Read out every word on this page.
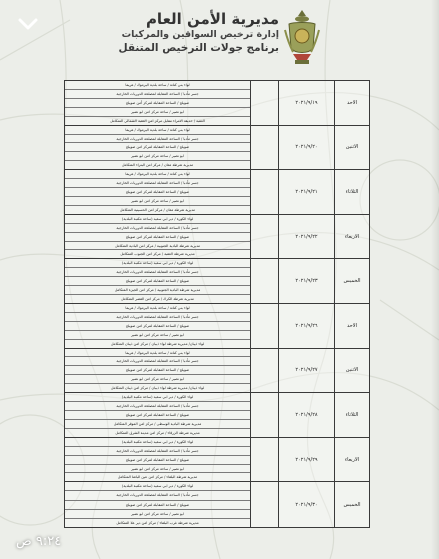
مديرية الأمن العام
إدارة ترخيص السواقين والمركبات
برنامج جولات الترخيص المتنقل
لواء بني كنانة / ساحة بلدية اليرموك / هريما
جسر مأدبا / الساحة المقابلة لمصلحة الدوريات الخارجية
صويلح / الساحة المقابلة لمركز أمن صويلح
ابو نصير / ساحة مركز امن ابو نصير
العقبة / حديقة الامراء مقابل مركز امن العقبة الشمالي المتكامل
٢٠٢١/٩/١٩	الاحد
لواء بني كنانة / ساحة بلدية اليرموك / هريما
جسر مأدبا / الساحة المقابلة لمصلحة الدوريات الخارجية
صويلح / الساحة المقابلة لمركز امن صويلح
ابو نصير / ساحة مركز امن ابو نصير
مديرية شرطة معان / مركز امن البتراء المتكامل
٢٠٢١/٩/٢٠	الاثنين
لواء بني كنانة / ساحة بلدية اليرموك / هريما
جسر مأدبا / الساحة المقابلة لمصلحة الدوريات الخارجية
صويلح / الساحة المقابلة لمركز امن صويلح
ابو نصير / ساحة مركز امن ابو نصير
مديرية شرطة معان / مركز امن الحسينية المتكامل
٢٠٢١/٩/٢١	الثلاثاء
لواء الكورة / دير ابي سعيد (ساحة مكتبة البلدية)
جسر مأدبا / الساحة المقابلة لمصلحة الدوريات الخارجية
صويلح / الساحة المقابلة لمركز امن صويلح
مديرية شرطة البادية الجنوبية / مركز امن البادية المتكامل
مديرية شرطة العقبة / مركز امن الجنوب المتكامل
٢٠٢١/٩/٢٢	الاربعاء
لواء الكورة / دير ابي سعيد (ساحة مكتبة البلدية)
جسر مأدبا / الساحة المقابلة لمصلحة الدوريات الخارجية
صويلح / الساحة المقابلة لمركز امن صويلح
مديرية شرطة البادية الجنوبية / مركز امن الجيزة المتكامل
مديرية شرطة الكرك / مركز امن القصر المتكامل
٢٠٢١/٩/٢٣	الخميس
لواء بني كنانة / ساحة بلدية اليرموك / هريما
جسر مأدبا / الساحة المقابلة لمصلحة الدوريات الخارجية
صويلح / الساحة المقابلة لمركز امن صويلح
ابو نصير / ساحة مركز امن ابو نصير
لواء ذيبان/ مديرية شرطة لواء ذيبان / مركز امن ذيبان المتكامل
٢٠٢١/٩/٢٦	الاحد
لواء بني كنانة / ساحة بلدية اليرموك / هريما
جسر مأدبا / الساحة المقابلة لمصلحة الدوريات الخارجية
صويلح / الساحة المقابلة لمركز امن صويلح
ابو نصير / ساحة مركز امن ابو نصير
لواء ذيبان/ مديرية شرطة لواء ذيبان / مركز امن ذيبان المتكامل
٢٠٢١/٩/٢٧	الاثنين
لواء الكورة / دير ابي سعيد (ساحة مكتبة البلدية)
جسر مأدبا / الساحة المقابلة لمصلحة الدوريات الخارجية
صويلح / الساحة المقابلة لمركز امن صويلح
مديرية شرطة البادية الوسطى / مركز امن الموقر المتكامل
مديرية شرطة الزرقاء / مركز امن مدينة الشرق المتكامل
٢٠٢١/٩/٢٨	الثلاثاء
لواء الكورة / دير ابي سعيد (ساحة مكتبة البلدية)
جسر مأدبا / الساحة المقابلة لمصلحة الدوريات الخارجية
صويلح / الساحة المقابلة لمركز امن صويلح
ابو نصير / ساحة مركز امن ابو نصير
مديرية شرطة البلقاء / مركز امن عين الباشا المتكامل
٢٠٢١/٩/٢٩	الاربعاء
لواء الكورة / دير ابي سعيد (ساحة مكتبة البلدية)
جسر مأدبا / الساحة المقابلة لمصلحة الدوريات الخارجية
صويلح / الساحة المقابلة لمركز امن صويلح
ابو نصير / ساحة مركز امن ابو نصير
مديرية شرطة غرب البلقاء / مركز امن دير علا المتكامل
٢٠٢١/٩/٣٠	الخميس
٩:٢٤ ص
